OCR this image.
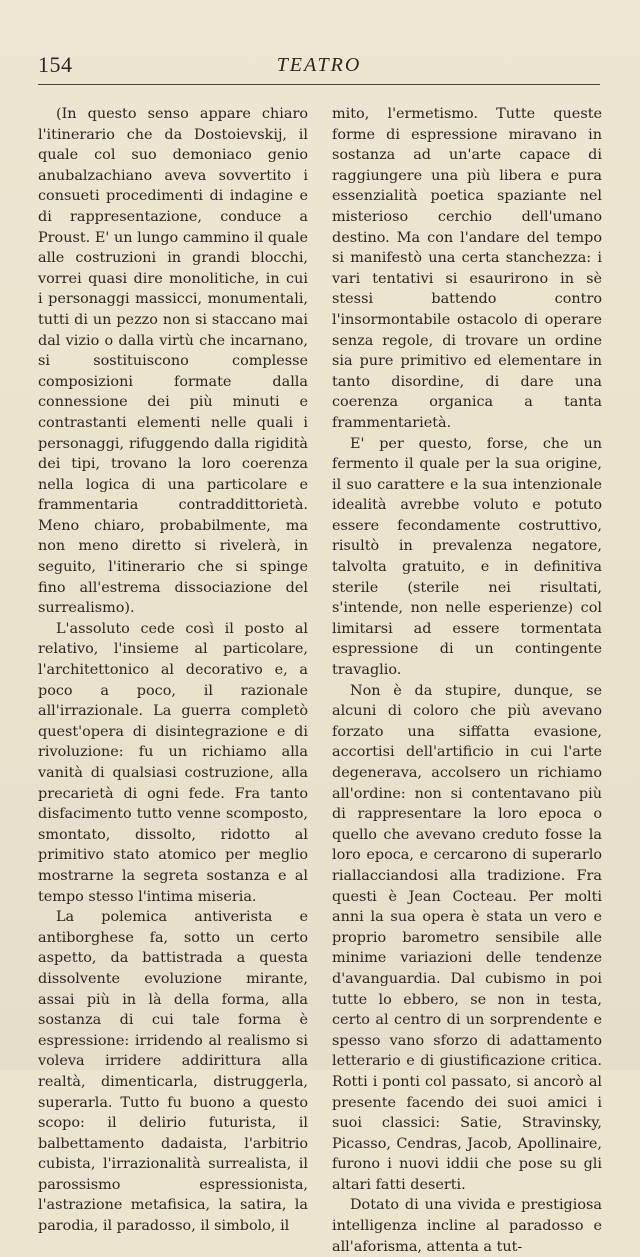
154	TEATRO

(In questo senso appare chiaro l'itinerario che da Dostoievskij, il quale col suo demoniaco genio anubalzachiano aveva sovvertito i consueti procedimenti di indagine e di rappresentazione, conduce a Proust. E' un lungo cammino il quale alle costruzioni in grandi blocchi, vorrei quasi dire monolitiche, in cui i personaggi massicci, monumentali, tutti di un pezzo non si staccano mai dal vizio o dalla virtù che incarnano, si sostituiscono complesse composizioni formate dalla connessione dei più minuti e contrastanti elementi nelle quali i personaggi, rifuggendo dalla rigidità dei tipi, trovano la loro coerenza nella logica di una particolare e frammentaria contraddittorietà. Meno chiaro, probabilmente, ma non meno diretto si rivelerà, in seguito, l'itinerario che si spinge fino all'estrema dissociazione del surrealismo).

L'assoluto cede così il posto al relativo, l'insieme al particolare, l'architettonico al decorativo e, a poco a poco, il razionale all'irrazionale. La guerra completò quest'opera di disintegrazione e di rivoluzione: fu un richiamo alla vanità di qualsiasi costruzione, alla precarietà di ogni fede. Fra tanto disfacimento tutto venne scomposto, smontato, dissolto, ridotto al primitivo stato atomico per meglio mostrarne la segreta sostanza e al tempo stesso l'intima miseria.

La polemica antiverista e antiborghese fa, sotto un certo aspetto, da battistrada a questa dissolvente evoluzione mirante, assai più in là della forma, alla sostanza di cui tale forma è espressione: irridendo al realismo si voleva irridere addirittura alla realtà, dimenticarla, distruggerla, superarla. Tutto fu buono a questo scopo: il delirio futurista, il balbettamento dadaista, l'arbitrio cubista, l'irrazionalità surrealista, il parossismo espressionista, l'astrazione metafisica, la satira, la parodia, il paradosso, il simbolo, il

mito, l'ermetismo. Tutte queste forme di espressione miravano in sostanza ad un'arte capace di raggiungere una più libera e pura essenzialità poetica spaziante nel misterioso cerchio dell'umano destino. Ma con l'andare del tempo si manifestò una certa stanchezza: i vari tentativi si esaurirono in sè stessi battendo contro l'insormontabile ostacolo di operare senza regole, di trovare un ordine sia pure primitivo ed elementare in tanto disordine, di dare una coerenza organica a tanta frammentarietà.

E' per questo, forse, che un fermento il quale per la sua origine, il suo carattere e la sua intenzionale idealità avrebbe voluto e potuto essere fecondamente costruttivo, risultò in prevalenza negatore, talvolta gratuito, e in definitiva sterile (sterile nei risultati, s'intende, non nelle esperienze) col limitarsi ad essere tormentata espressione di un contingente travaglio.

Non è da stupire, dunque, se alcuni di coloro che più avevano forzato una siffatta evasione, accortisi dell'artificio in cui l'arte degenerava, accolsero un richiamo all'ordine: non si contentavano più di rappresentare la loro epoca o quello che avevano creduto fosse la loro epoca, e cercarono di superarlo riallacciandosi alla tradizione. Fra questi è Jean Cocteau. Per molti anni la sua opera è stata un vero e proprio barometro sensibile alle minime variazioni delle tendenze d'avanguardia. Dal cubismo in poi tutte lo ebbero, se non in testa, certo al centro di un sorprendente e spesso vano sforzo di adattamento letterario e di giustificazione critica. Rotti i ponti col passato, si ancorò al presente facendo dei suoi amici i suoi classici: Satie, Stravinsky, Picasso, Cendras, Jacob, Apollinaire, furono i nuovi iddii che pose su gli altari fatti deserti.

Dotato di una vivida e prestigiosa intelligenza incline al paradosso e all'aforisma, attenta a tut-
